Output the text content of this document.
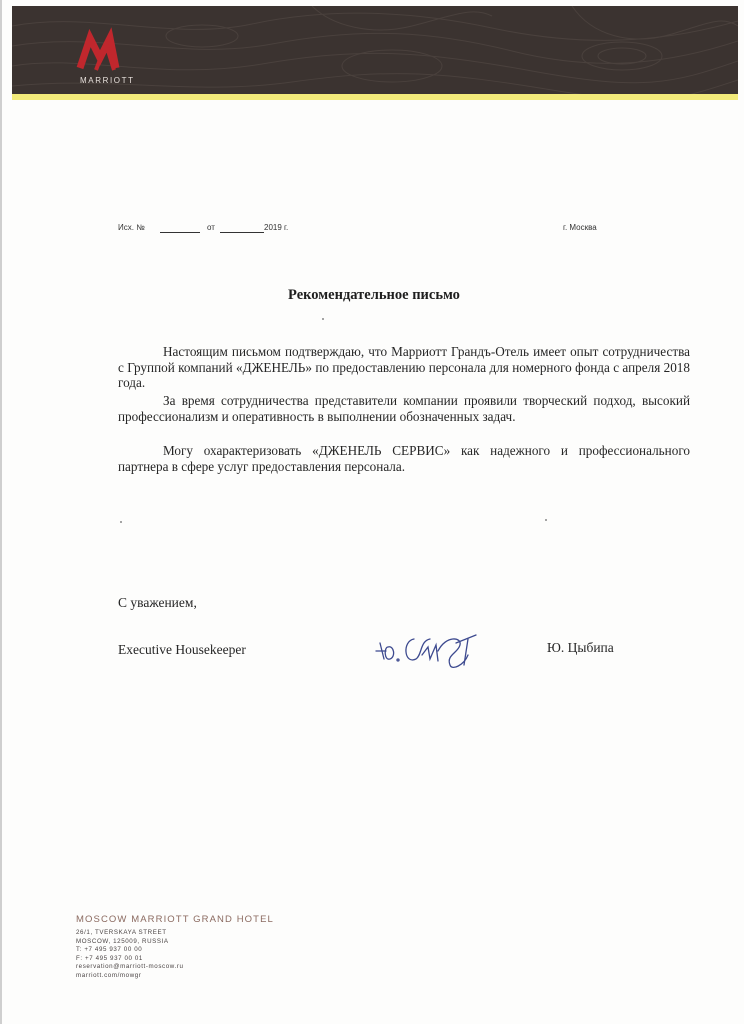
MARRIOTT
Исх. №	от	2019 г.	г. Москва
Рекомендательное письмо
Настоящим письмом подтверждаю, что Марриотт Грандъ-Отель имеет опыт сотрудничества с Группой компаний «ДЖЕНЕЛЬ» по предоставлению персонала для номерного фонда с апреля 2018 года.
За время сотрудничества представители компании проявили творческий подход, высокий профессионализм и оперативность в выполнении обозначенных задач.
Могу охарактеризовать «ДЖЕНЕЛЬ СЕРВИС» как надежного и профессионального партнера в сфере услуг предоставления персонала.
С уважением,
Executive Housekeeper	Ю. Цыбипа
MOSCOW MARRIOTT GRAND HOTEL
26/1, TVERSKAYA STREET
MOSCOW, 125009, RUSSIA
T: +7 495 937 00 00
F: +7 495 937 00 01
reservation@marriott-moscow.ru
marriott.com/mowgr
